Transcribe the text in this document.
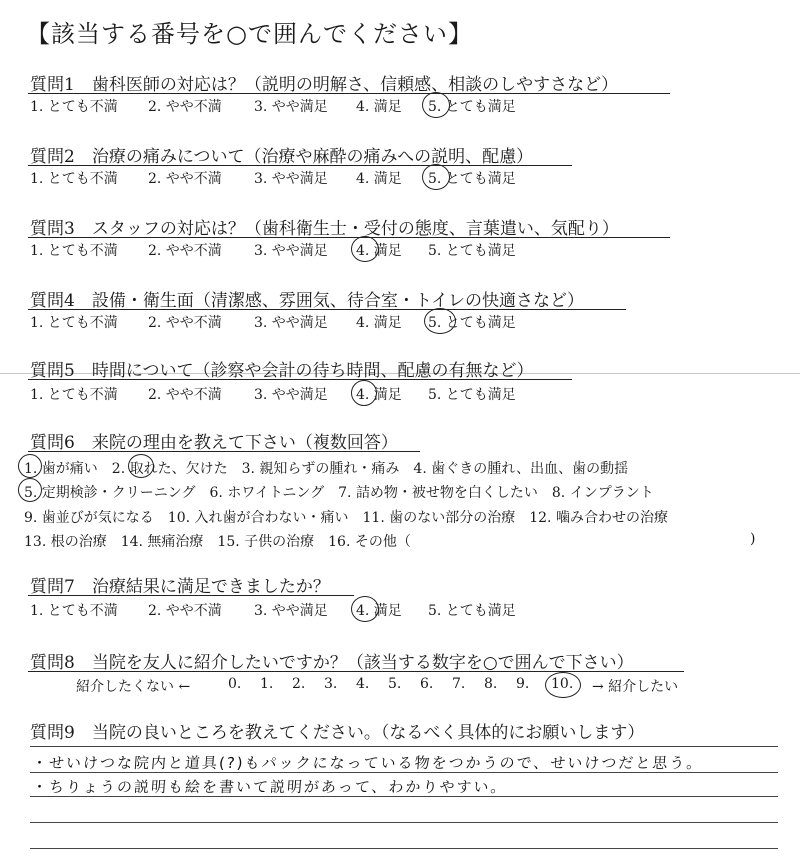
【該当する番号を○で囲んでください】
質問1　歯科医師の対応は？（説明の明解さ、信頼感、相談のしやすさなど）
1. とても不満 2. やや不満 3. やや満足 4. 満足 5. とても満足
質問2　治療の痛みについて（治療や麻酔の痛みへの説明、配慮）
1. とても不満 2. やや不満 3. やや満足 4. 満足 5. とても満足
質問3　スタッフの対応は？（歯科衛生士・受付の態度、言葉遣い、気配り）
1. とても不満 2. やや不満 3. やや満足 4. 満足 5. とても満足
質問4　設備・衛生面（清潔感、雰囲気、待合室・トイレの快適さなど）
1. とても不満 2. やや不満 3. やや満足 4. 満足 5. とても満足
質問5　時間について（診察や会計の待ち時間、配慮の有無など）
1. とても不満 2. やや不満 3. やや満足 4. 満足 5. とても満足
質問6　来院の理由を教えて下さい（複数回答）
1. 歯が痛い　2. 取れた、欠けた　3. 親知らずの腫れ・痛み　4. 歯ぐきの腫れ、出血、歯の動揺
5. 定期検診・クリーニング　6. ホワイトニング　7. 詰め物・被せ物を白くしたい　8. インプラント
9. 歯並びが気になる　10. 入れ歯が合わない・痛い　11. 歯のない部分の治療　12. 噛み合わせの治療
13. 根の治療　14. 無痛治療　15. 子供の治療　16. その他（	)
質問7　治療結果に満足できましたか？
1. とても不満 2. やや不満 3. やや満足 4. 満足 5. とても満足
質問8　当院を友人に紹介したいですか？（該当する数字を○で囲んで下さい）
紹介したくない ←	0. 1. 2. 3. 4. 5. 6. 7. 8. 9. 10. → 紹介したい
質問9　当院の良いところを教えてください。（なるべく具体的にお願いします）
・せいけつな院内と道具(?)もパックになっている物をつかうので、せいけつだと思う。
・ちりょうの説明も絵を書いて説明があって、わかりやすい。
